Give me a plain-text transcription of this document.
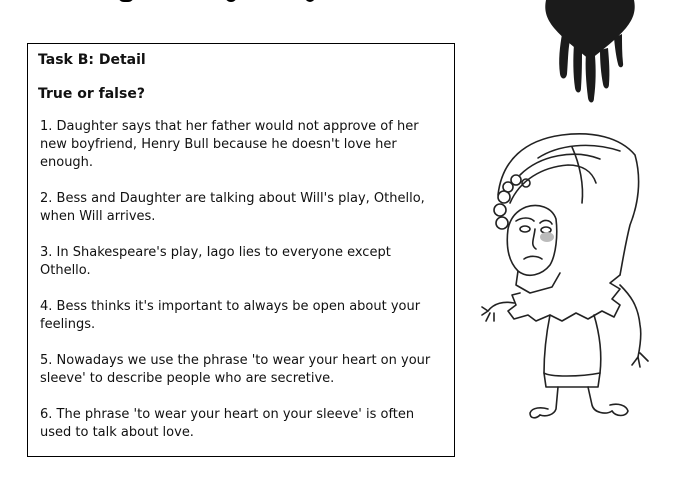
Task B: Detail
True or false?

1. Daughter says that her father would not approve of her new boyfriend, Henry Bull because he doesn't love her enough.

2. Bess and Daughter are talking about Will's play, Othello, when Will arrives.

3. In Shakespeare's play, Iago lies to everyone except Othello.

4. Bess thinks it's important to always be open about your feelings.

5. Nowadays we use the phrase 'to wear your heart on your sleeve' to describe people who are secretive.

6. The phrase 'to wear your heart on your sleeve' is often used to talk about love.
